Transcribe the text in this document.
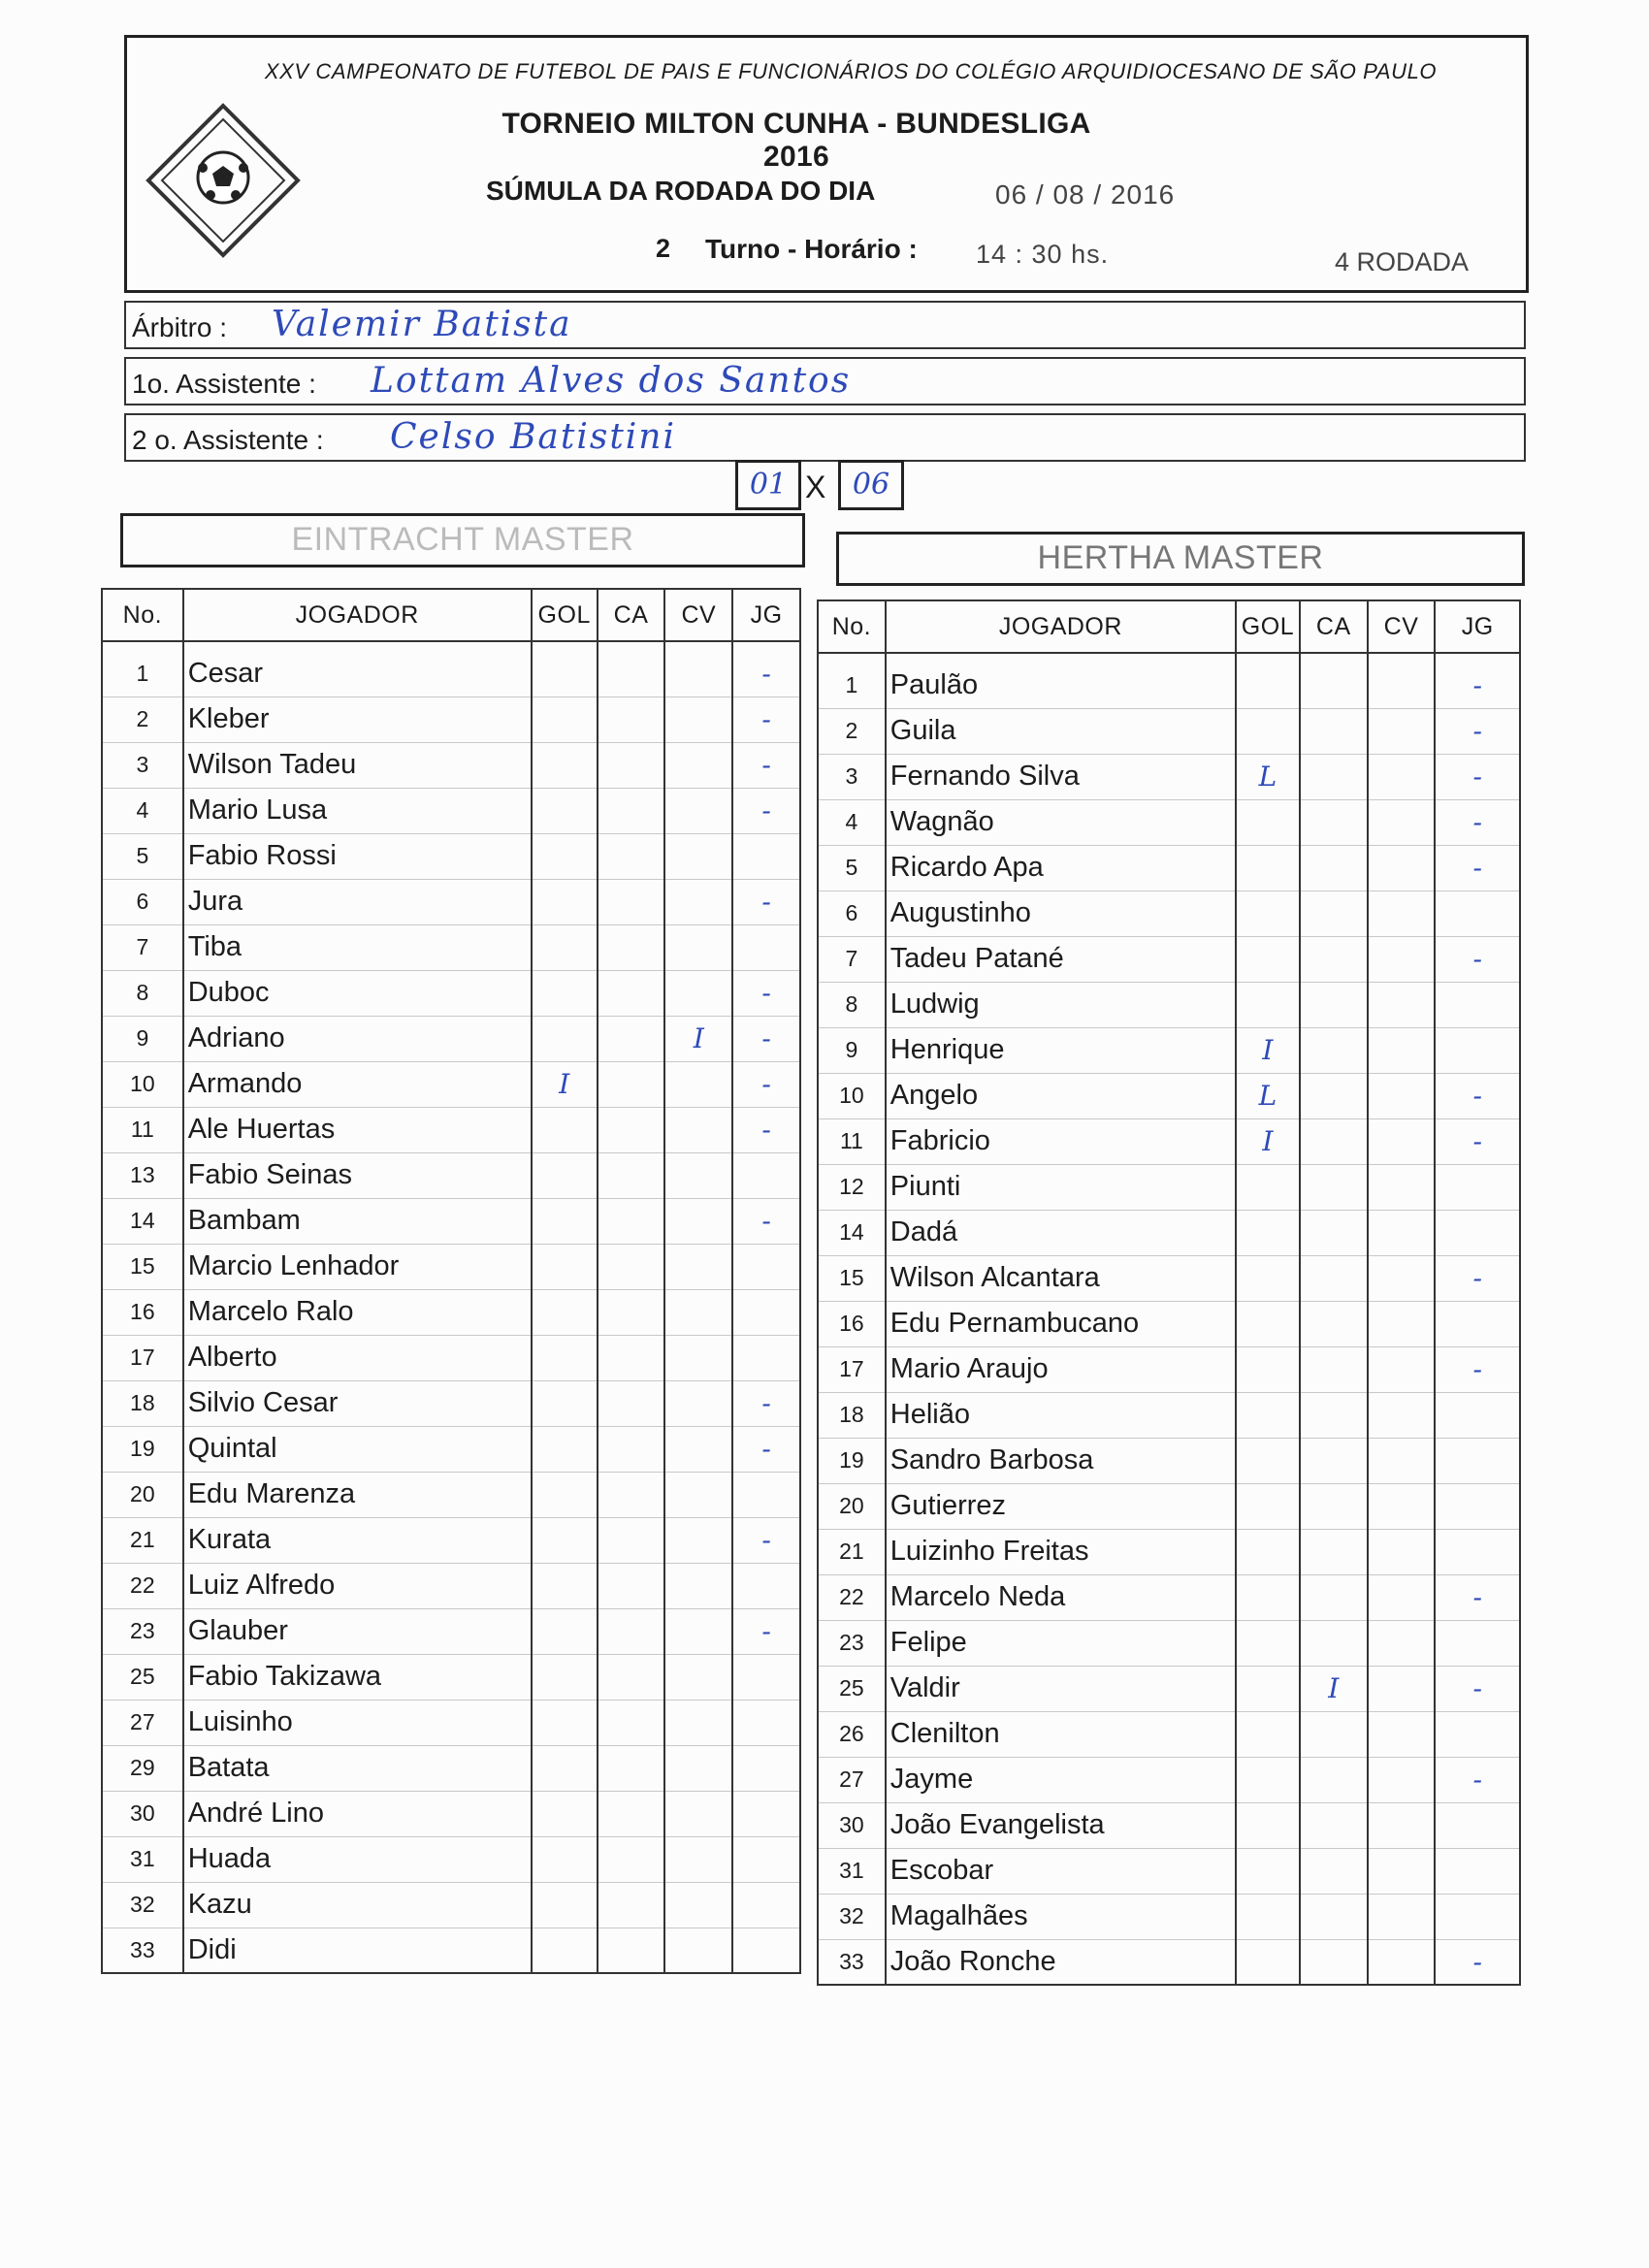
XXV CAMPEONATO DE FUTEBOL DE PAIS E FUNCIONÁRIOS DO COLÉGIO ARQUIDIOCESANO DE SÃO PAULO
TORNEIO MILTON CUNHA - BUNDESLIGA 2016
SÚMULA DA RODADA DO DIA	06 / 08 / 2016
2 Turno - Horário : 14 : 30 hs.	4 RODADA
Árbitro : Valemir Batista
1o. Assistente : Lottam Alves dos Santos
2 o. Assistente : Celso Batistini
01 X 06
EINTRACHT MASTER	HERTHA MASTER
No.	JOGADOR	GOL	CA	CV	JG

1	Cesar				-
2	Kleber				-
3	Wilson Tadeu				-
4	Mario Lusa				-
5	Fabio Rossi				
6	Jura				-
7	Tiba				
8	Duboc				-
9	Adriano			I	-
10	Armando	I			-
11	Ale Huertas				-
13	Fabio Seinas				
14	Bambam				-
15	Marcio Lenhador				
16	Marcelo Ralo				
17	Alberto				
18	Silvio Cesar				-
19	Quintal				-
20	Edu Marenza				
21	Kurata				-
22	Luiz Alfredo				
23	Glauber				-
25	Fabio Takizawa				
27	Luisinho				
29	Batata				
30	André Lino				
31	Huada				
32	Kazu				
33	Didi				
No.	JOGADOR	GOL	CA	CV	JG

1	Paulão				-
2	Guila				-
3	Fernando Silva	L			-
4	Wagnão				-
5	Ricardo Apa				-
6	Augustinho				
7	Tadeu Patané				-
8	Ludwig				
9	Henrique	I			
10	Angelo	L			-
11	Fabricio	I			-
12	Piunti				
14	Dadá				
15	Wilson Alcantara				-
16	Edu Pernambucano				
17	Mario Araujo				-
18	Helião				
19	Sandro Barbosa				
20	Gutierrez				
21	Luizinho Freitas				
22	Marcelo Neda				-
23	Felipe				
25	Valdir		I		-
26	Clenilton				
27	Jayme				-
30	João Evangelista				
31	Escobar				
32	Magalhães				
33	João Ronche				-
